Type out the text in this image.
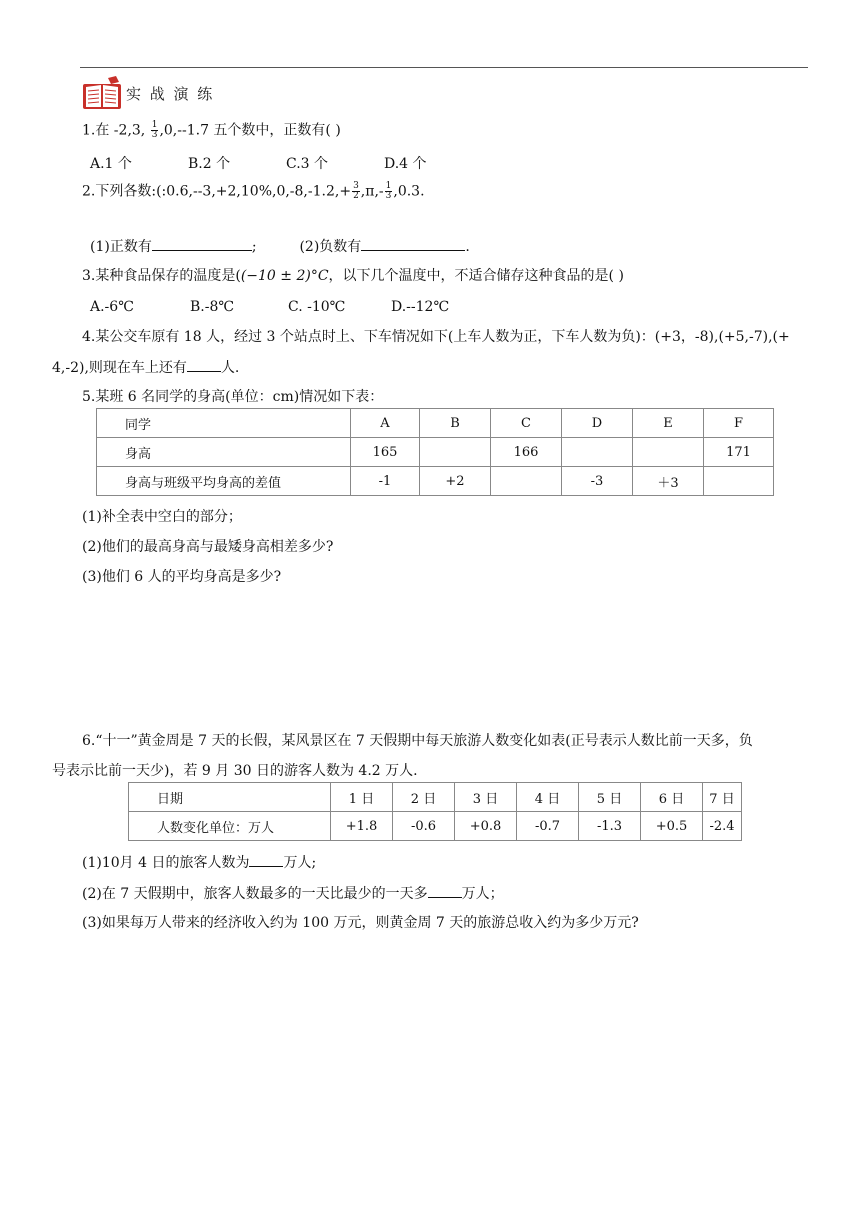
实 战 演 练
1.在 -2,3, $\frac{1}{3} ,0,--1.7$ 五个数中，正数有( )
A.1 个	B.2 个	C.3 个	D.4 个
2.下列各数:(:0.6,--3,+2,10%,0,-8,-1.2,+ $\frac{3}{2} ,\pi,- \frac{1}{3} ,0.3$.
(1)正数有	;	(2)负数有	.
3.某种食品保存的温度是((−10 ± 2)°C，以下几个温度中，不适合储存这种食品的是( )
A.-6℃	B.-8℃	C. -10℃	D.--12℃
4.某公交车原有 18 人，经过 3 个站点时上、下车情况如下(上车人数为正，下车人数为负)：(+3，-8),(+5,-7),(+
4,-2),则现在车上还有 人.
5.某班 6 名同学的身高(单位：cm)情况如下表：
同学	A	B	C	D	E	F
身高	165		166			171
身高与班级平均身高的差值	-1	+2		-3	＋3	
(1)补全表中空白的部分；
(2)他们的最高身高与最矮身高相差多少?
(3)他们 6 人的平均身高是多少?
6.“十一”黄金周是 7 天的长假，某风景区在 7 天假期中每天旅游人数变化如表(正号表示人数比前一天多，负
号表示比前一天少)，若 9 月 30 日的游客人数为 4.2 万人.
日期	1 日	2 日	3 日	4 日	5 日	6 日	7 日
人数变化单位：万人	+1.8	-0.6	+0.8	-0.7	-1.3	+0.5	-2.4
(1)10月 4 日的旅客人数为 万人;
(2)在 7 天假期中，旅客人数最多的一天比最少的一天多 万人；
(3)如果每万人带来的经济收入约为 100 万元，则黄金周 7 天的旅游总收入约为多少万元?
